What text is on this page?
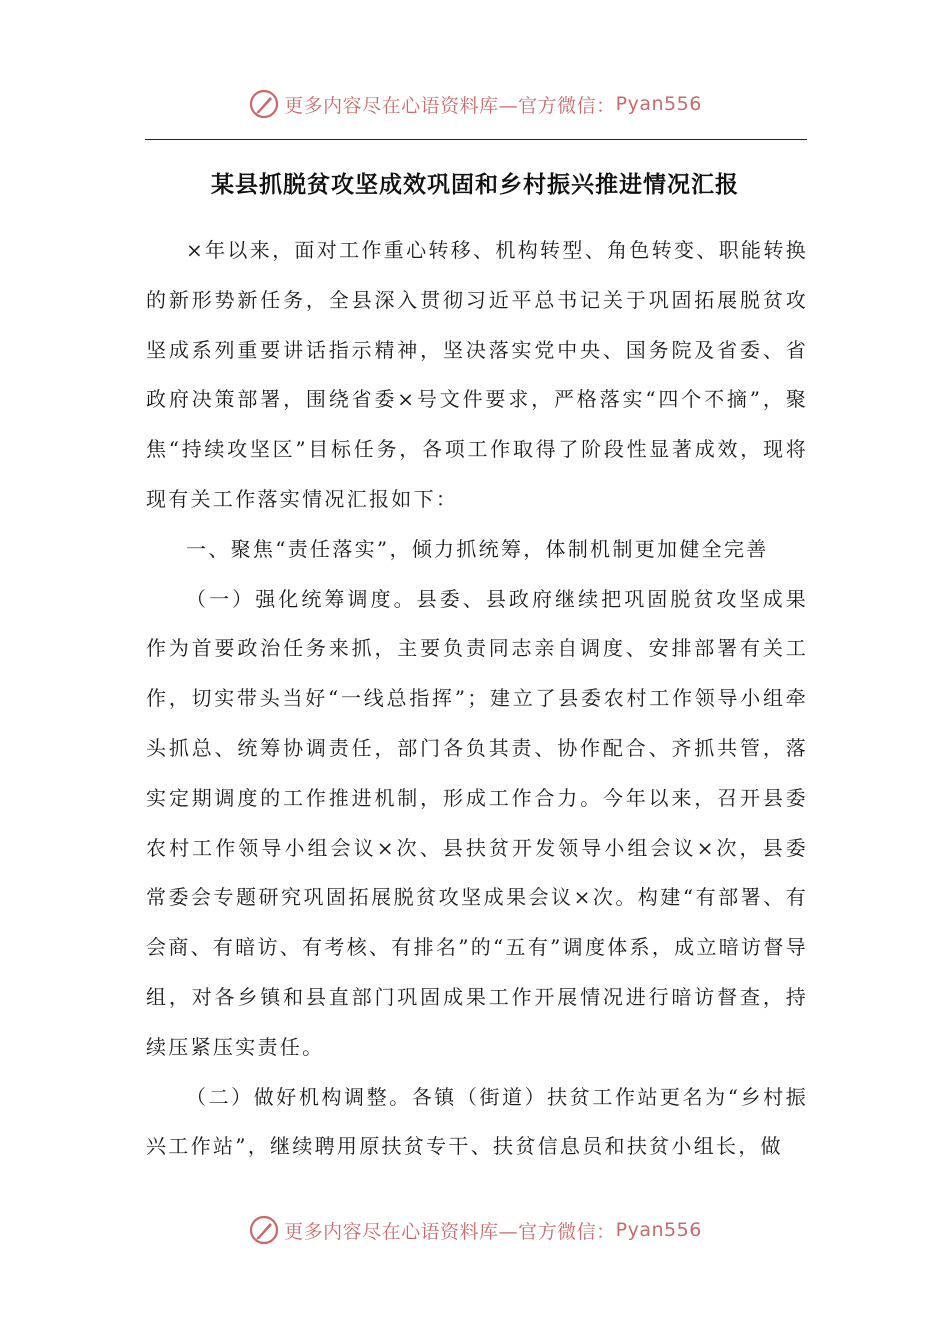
更多内容尽在心语资料库—官方微信： Pyan556
某县抓脱贫攻坚成效巩固和乡村振兴推进情况汇报

×年以来，面对工作重心转移、机构转型、角色转变、职能转换的新形势新任务，全县深入贯彻习近平总书记关于巩固拓展脱贫攻坚成系列重要讲话指示精神，坚决落实党中央、国务院及省委、省政府决策部署，围绕省委×号文件要求，严格落实“四个不摘”，聚焦“持续攻坚区”目标任务，各项工作取得了阶段性显著成效，现将现有关工作落实情况汇报如下：

一、聚焦“责任落实”，倾力抓统筹，体制机制更加健全完善

（一）强化统筹调度。县委、县政府继续把巩固脱贫攻坚成果作为首要政治任务来抓，主要负责同志亲自调度、安排部署有关工作，切实带头当好“一线总指挥”；建立了县委农村工作领导小组牵头抓总、统筹协调责任，部门各负其责、协作配合、齐抓共管，落实定期调度的工作推进机制，形成工作合力。今年以来，召开县委农村工作领导小组会议×次、县扶贫开发领导小组会议×次，县委常委会专题研究巩固拓展脱贫攻坚成果会议×次。构建“有部署、有会商、有暗访、有考核、有排名”的“五有”调度体系，成立暗访督导组，对各乡镇和县直部门巩固成果工作开展情况进行暗访督查，持续压紧压实责任。

（二）做好机构调整。各镇（街道）扶贫工作站更名为“乡村振兴工作站”，继续聘用原扶贫专干、扶贫信息员和扶贫小组长，做

更多内容尽在心语资料库—官方微信： Pyan556
